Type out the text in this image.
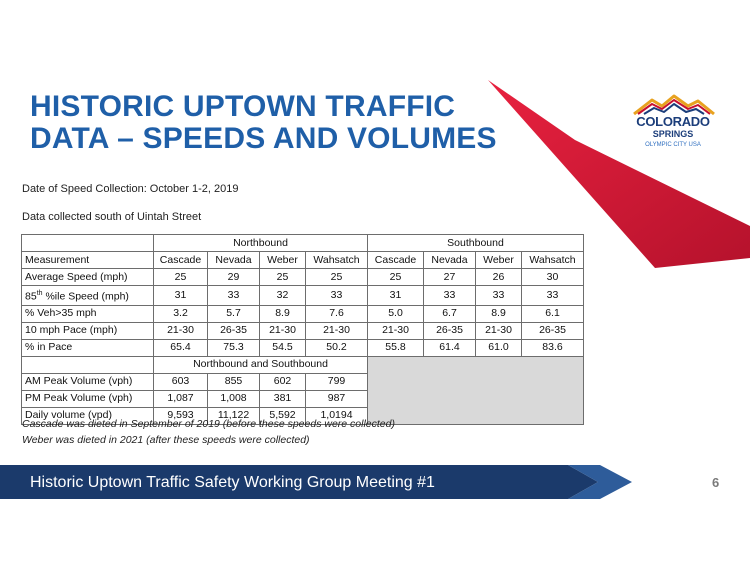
HISTORIC UPTOWN TRAFFIC
DATA – SPEEDS AND VOLUMES
COLORADO
SPRINGS
OLYMPIC CITY USA
Date of Speed Collection: October 1-2, 2019
Data collected south of Uintah Street
	Northbound				Southbound			
Measurement	Cascade	Nevada	Weber	Wahsatch	Cascade	Nevada	Weber	Wahsatch
Average Speed (mph)	25	29	25	25	25	27	26	30
85th %ile Speed (mph)	31	33	32	33	31	33	33	33
% Veh>35 mph	3.2	5.7	8.9	7.6	5.0	6.7	8.9	6.1
10 mph Pace (mph)	21-30	26-35	21-30	21-30	21-30	26-35	21-30	26-35
% in Pace	65.4	75.3	54.5	50.2	55.8	61.4	61.0	83.6
	Northbound and Southbound							
AM Peak Volume (vph)	603	855	602	799				
PM Peak Volume (vph)	1,087	1,008	381	987				
Daily volume (vpd)	9,593	11,122	5,592	1,0194				
Cascade was dieted in September of 2019 (before these speeds were collected)
Weber was dieted in 2021 (after these speeds were collected)
Historic Uptown Traffic Safety Working Group Meeting #1	6
